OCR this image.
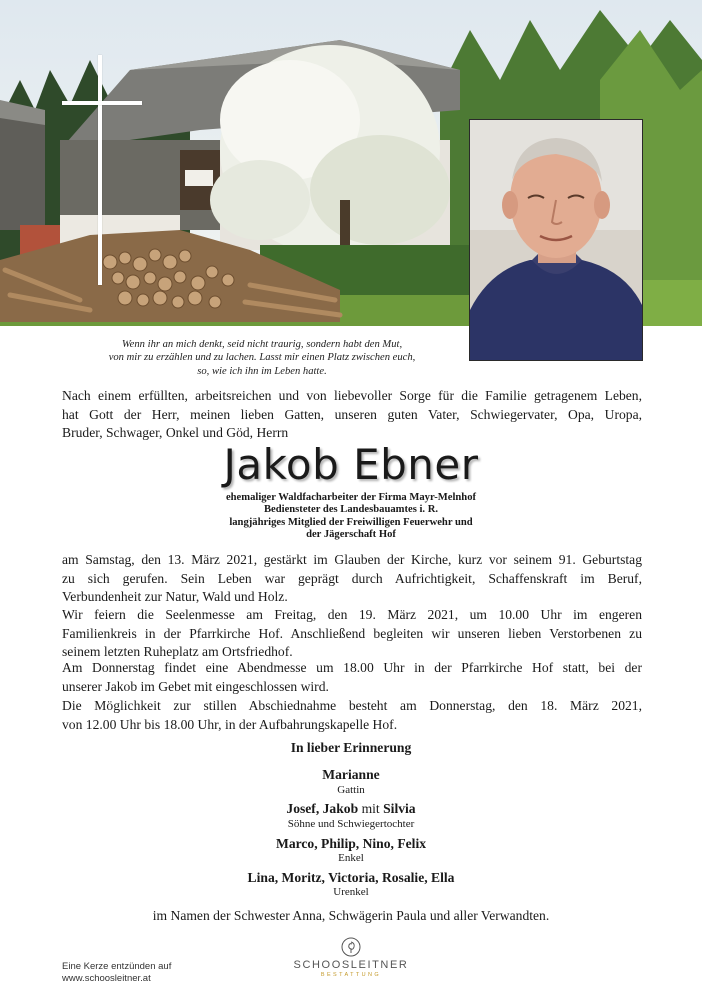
Wenn ihr an mich denkt, seid nicht traurig, sondern habt den Mut,
von mir zu erzählen und zu lachen. Lasst mir einen Platz zwischen euch,
so, wie ich ihn im Leben hatte.
Nach einem erfüllten, arbeitsreichen und von liebevoller Sorge für die Familie getragenem Leben,
hat Gott der Herr, meinen lieben Gatten, unseren guten Vater, Schwiegervater, Opa, Uropa,
Bruder, Schwager, Onkel und Göd, Herrn
Jakob Ebner
ehemaliger Waldfacharbeiter der Firma Mayr-Melnhof
Bediensteter des Landesbauamtes i. R.
langjähriges Mitglied der Freiwilligen Feuerwehr und
der Jägerschaft Hof
am Samstag, den 13. März 2021, gestärkt im Glauben der Kirche, kurz vor seinem 91. Geburtstag
zu sich gerufen. Sein Leben war geprägt durch Aufrichtigkeit, Schaffenskraft im Beruf,
Verbundenheit zur Natur, Wald und Holz.
Wir feiern die Seelenmesse am Freitag, den 19. März 2021, um 10.00 Uhr im engeren
Familienkreis in der Pfarrkirche Hof. Anschließend begleiten wir unseren lieben Verstorbenen zu
seinem letzten Ruheplatz am Ortsfriedhof.
Am Donnerstag findet eine Abendmesse um 18.00 Uhr in der Pfarrkirche Hof statt, bei der
unserer Jakob im Gebet mit eingeschlossen wird.
Die Möglichkeit zur stillen Abschiednahme besteht am Donnerstag, den 18. März 2021,
von 12.00 Uhr bis 18.00 Uhr, in der Aufbahrungskapelle Hof.
In lieber Erinnerung
Marianne
Gattin
Josef, Jakob mit Silvia
Söhne und Schwiegertochter
Marco, Philip, Nino, Felix
Enkel
Lina, Moritz, Victoria, Rosalie, Ella
Urenkel
im Namen der Schwester Anna, Schwägerin Paula und aller Verwandten.
Eine Kerze entzünden auf
www.schoosleitner.at
SCHOOSLEITNER
BESTATTUNG
